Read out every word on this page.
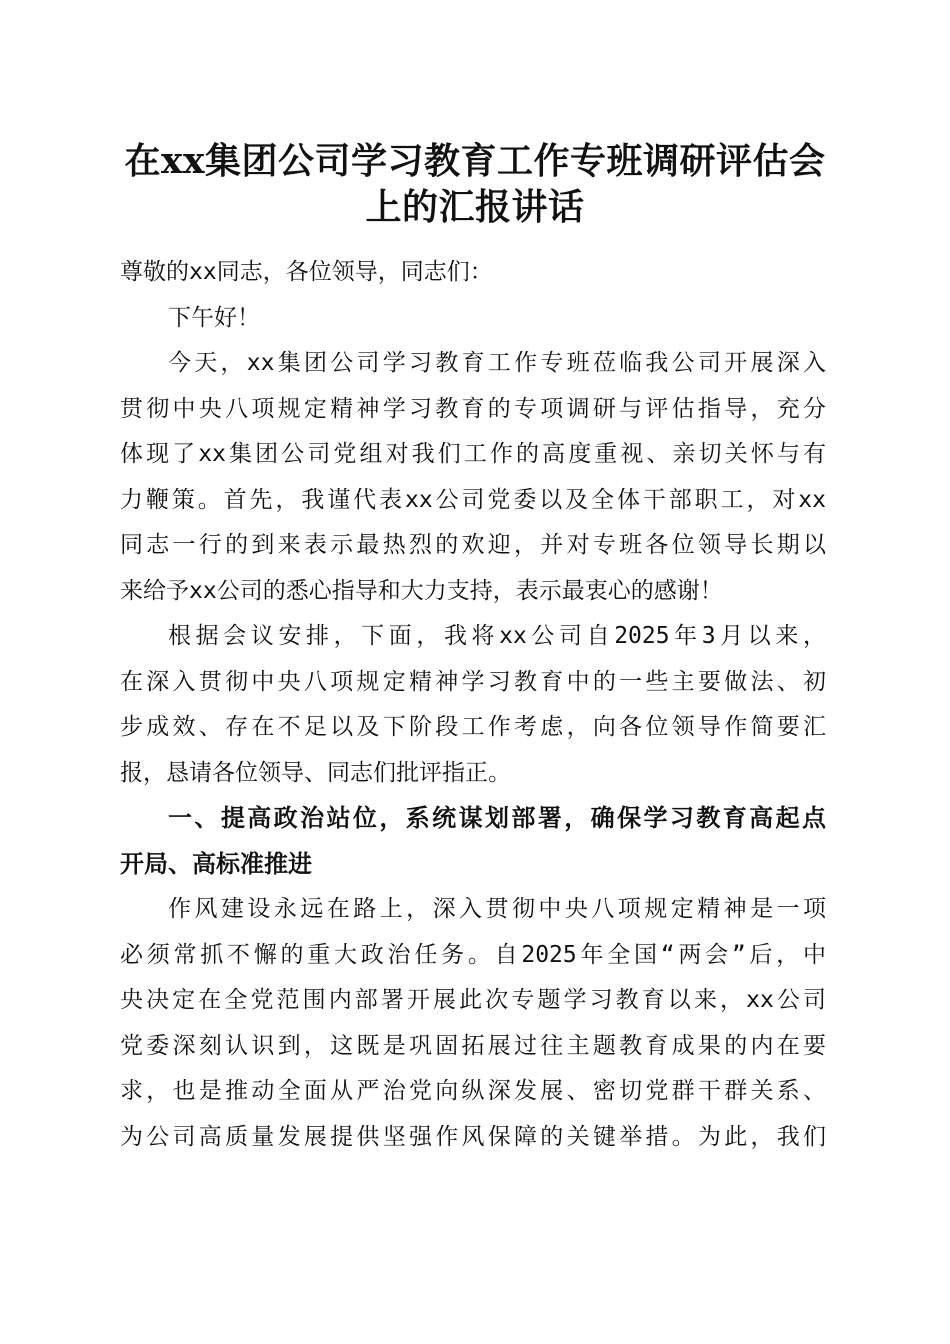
在xx集团公司学习教育工作专班调研评估会
上的汇报讲话
尊敬的xx同志，各位领导，同志们：
下午好！
今天，xx集团公司学习教育工作专班莅临我公司开展深入
贯彻中央八项规定精神学习教育的专项调研与评估指导，充分
体现了xx集团公司党组对我们工作的高度重视、亲切关怀与有
力鞭策。首先，我谨代表xx公司党委以及全体干部职工，对xx
同志一行的到来表示最热烈的欢迎，并对专班各位领导长期以
来给予xx公司的悉心指导和大力支持，表示最衷心的感谢！
根据会议安排，下面，我将xx公司自2025年3月以来，
在深入贯彻中央八项规定精神学习教育中的一些主要做法、初
步成效、存在不足以及下阶段工作考虑，向各位领导作简要汇
报，恳请各位领导、同志们批评指正。
一、提高政治站位，系统谋划部署，确保学习教育高起点
开局、高标准推进
作风建设永远在路上，深入贯彻中央八项规定精神是一项
必须常抓不懈的重大政治任务。自2025年全国“两会”后，中
央决定在全党范围内部署开展此次专题学习教育以来，xx公司
党委深刻认识到，这既是巩固拓展过往主题教育成果的内在要
求，也是推动全面从严治党向纵深发展、密切党群干群关系、
为公司高质量发展提供坚强作风保障的关键举措。为此，我们
